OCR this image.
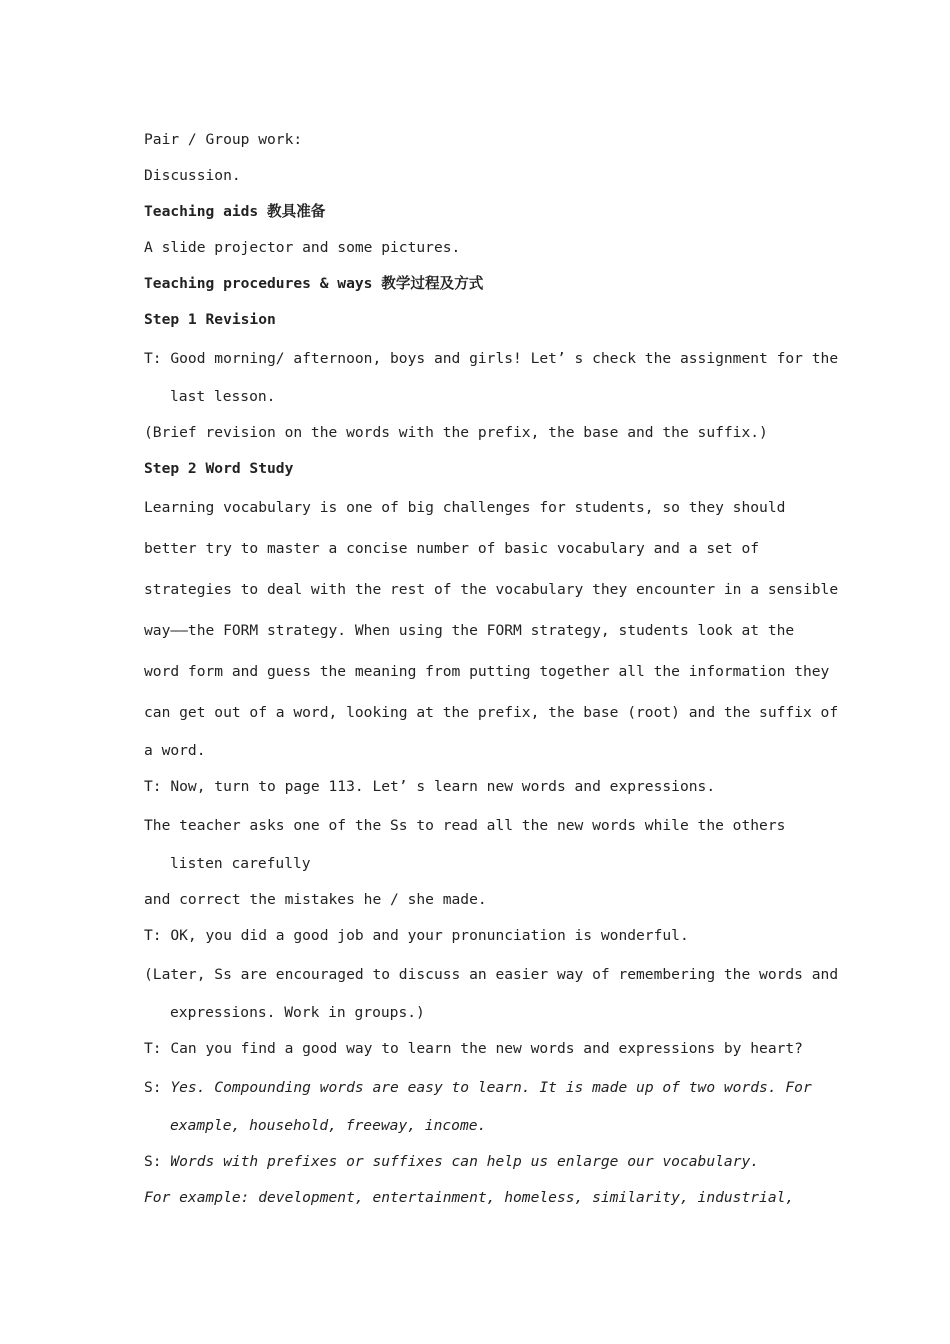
Pair / Group work:
Discussion.
Teaching aids 教具准备
A slide projector and some pictures.
Teaching procedures & ways 教学过程及方式
Step 1 Revision
T: Good morning/ afternoon, boys and girls! Let’ s check the assignment for the
last lesson.
(Brief revision on the words with the prefix, the base and the suffix.)
Step 2 Word Study
Learning vocabulary is one of big challenges for students, so they should
better try to master a concise number of basic vocabulary and a set of
strategies to deal with the rest of the vocabulary they encounter in a sensible
way——the FORM strategy. When using the FORM strategy, students look at the
word form and guess the meaning from putting together all the information they
can get out of a word, looking at the prefix, the base (root) and the suffix of
a word.
T: Now, turn to page 113. Let’ s learn new words and expressions.
The teacher asks one of the Ss to read all the new words while the others
listen carefully
and correct the mistakes he / she made.
T: OK, you did a good job and your pronunciation is wonderful.
(Later, Ss are encouraged to discuss an easier way of remembering the words and
expressions. Work in groups.)
T: Can you find a good way to learn the new words and expressions by heart?
S: Yes. Compounding words are easy to learn. It is made up of two words. For
example, household, freeway, income.
S: Words with prefixes or suffixes can help us enlarge our vocabulary.
For example: development, entertainment, homeless, similarity, industrial,
